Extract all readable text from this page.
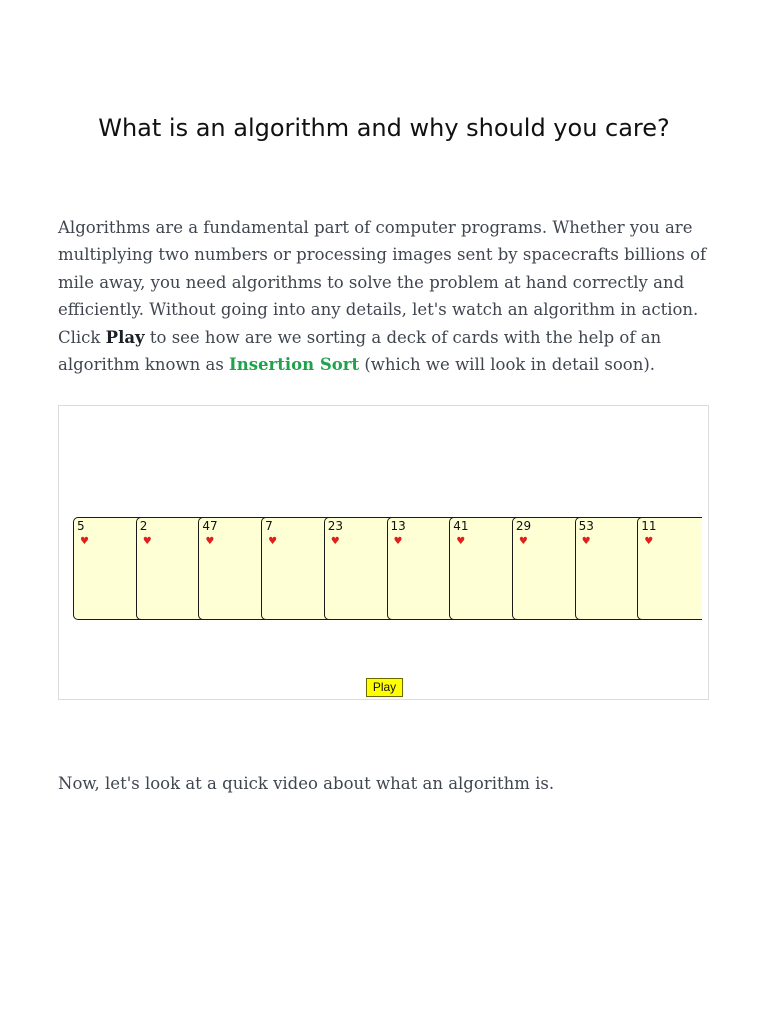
What is an algorithm and why should you care?

Algorithms are a fundamental part of computer programs. Whether you are multiplying two numbers or processing images sent by spacecrafts billions of mile away, you need algorithms to solve the problem at hand correctly and efficiently. Without going into any details, let's watch an algorithm in action. Click Play to see how are we sorting a deck of cards with the help of an algorithm known as Insertion Sort (which we will look in detail soon).

5
♥
2
♥
47
♥
7
♥
23
♥
13
♥
41
♥
29
♥
53
♥
11
♥
Play

Now, let's look at a quick video about what an algorithm is.
